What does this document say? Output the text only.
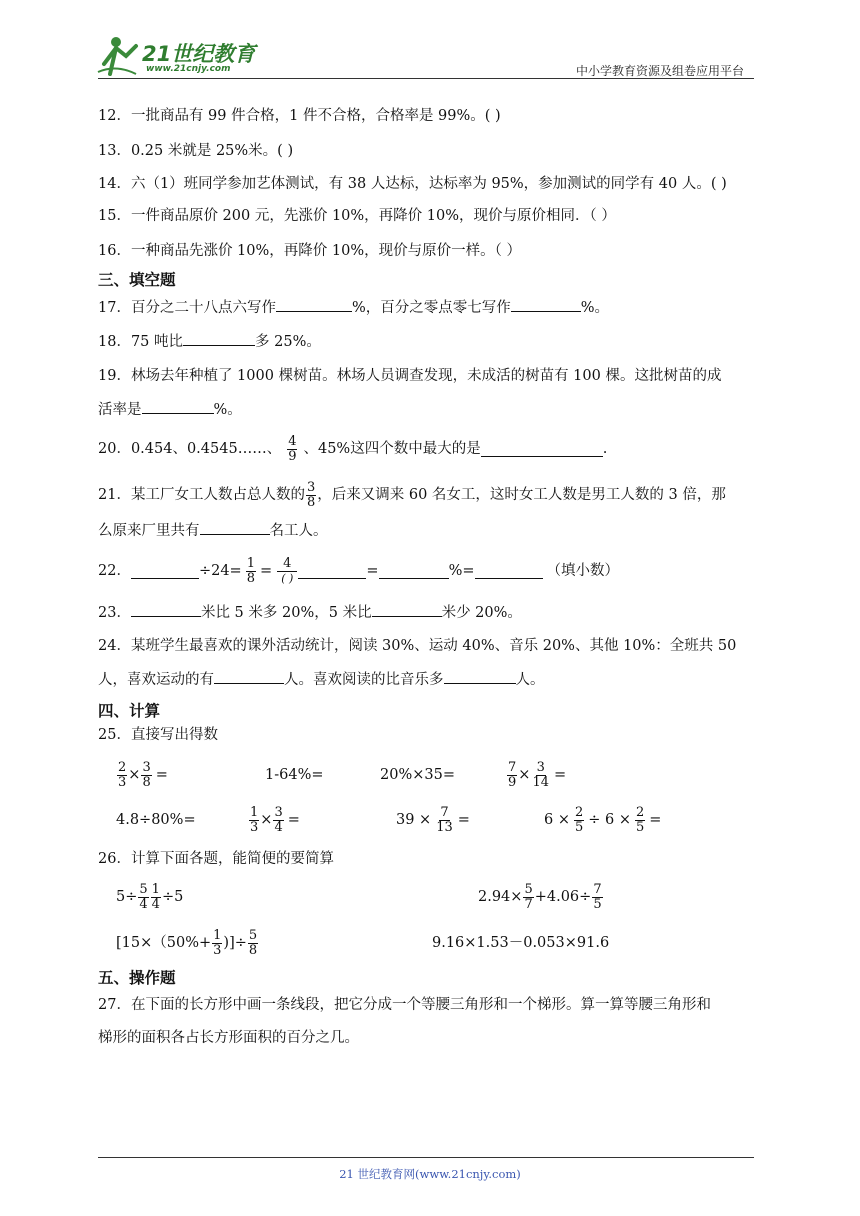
21世纪教育
www.21cnjy.com	中小学教育资源及组卷应用平台
12．一批商品有 99 件合格，1 件不合格，合格率是 99%。( )
13．0.25 米就是 25%米。( )
14．六（1）班同学参加艺体测试，有 38 人达标，达标率为 95%，参加测试的同学有 40 人。( )
15．一件商品原价 200 元，先涨价 10%，再降价 10%，现价与原价相同．（ ）
16．一种商品先涨价 10%，再降价 10%，现价与原价一样。（ ）
三、填空题
17．百分之二十八点六写作	%，百分之零点零七写作	%。
18．75 吨比	多 25%。
19．林场去年种植了 1000 棵树苗。林场人员调查发现，未成活的树苗有 100 棵。这批树苗的成
活率是	%。
20．0.454、0.4545……、 $\frac{4}{9}$ 、45%这四个数中最大的是	.
21．某工厂女工人数占总人数的 $\frac{3}{8}$ ，后来又调来 60 名女工，这时女工人数是男工人数的 3 倍，那
么原来厂里共有	名工人。
22．	$\div 24= \frac{1}{8} = \frac{4}{( )}$	=	%=	（填小数）
23．	米比 5 米多 20%，5 米比	米少 20%。
24．某班学生最喜欢的课外活动统计，阅读 30%、运动 40%、音乐 20%、其他 10%：全班共 50
人，喜欢运动的有	人。喜欢阅读的比音乐多	人。
四、计算
25．直接写出得数
$\frac{2}{3} \times \frac{3}{8}$ =	1-64%=	20%×35=	$\frac{7}{9} \times \frac{3}{14}$ =
4.8÷80%=	$\frac{1}{3} \times \frac{3}{4}$ =	$39 \times \frac{7}{13}$ =	$6 \times \frac{2}{5} \div 6 \times \frac{2}{5}$ =
26．计算下面各题，能简便的要简算
$5\div \frac{5}{4} \frac{1}{4} \div 5$	$2.94\times \frac{5}{7} +4.06\div \frac{7}{5}$
[$15\times(50\%+ \frac{1}{3}$ )]÷ $\frac{5}{8}$	9.16×1.53－0.053×91.6
五、操作题
27．在下面的长方形中画一条线段，把它分成一个等腰三角形和一个梯形。算一算等腰三角形和
梯形的面积各占长方形面积的百分之几。
21 世纪教育网(www.21cnjy.com)
